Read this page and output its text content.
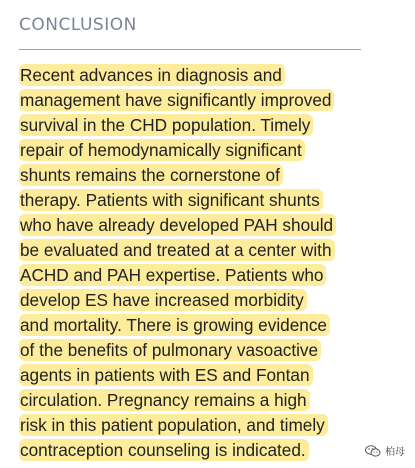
CONCLUSION

Recent advances in diagnosis and
management have significantly improved
survival in the CHD population. Timely
repair of hemodynamically significant
shunts remains the cornerstone of
therapy. Patients with significant shunts
who have already developed PAH should
be evaluated and treated at a center with
ACHD and PAH expertise. Patients who
develop ES have increased morbidity
and mortality. There is growing evidence
of the benefits of pulmonary vasoactive
agents in patients with ES and Fontan
circulation. Pregnancy remains a high
risk in this patient population, and timely
contraception counseling is indicated.	柏母
